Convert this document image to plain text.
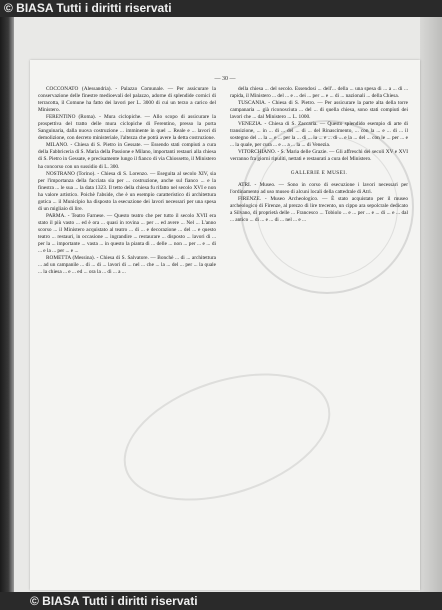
© BIASA Tutti i diritti riservati
— 30 —

COCCONATO (Alessandria). - Palazzo Comunale. — Per assicurare la conservazione delle finestre medioevali del palazzo, adorne di splendide cornici di terracotta, il Comune ha fatto dei lavori per L. 3000 di cui un terzo a carico del Ministero.

FERENTINO (Roma). - Mura ciclopiche. — Allo scopo di assicurare la prospettiva del tratto delle mura ciclopiche di Ferentino, presso la porta Sanguinaria, dalla nuova costruzione ... imminente in quel ... Reale e ... lavori di demolizione, con decreto ministeriale, l'altezza che potrà avere la detta costruzione.

MILANO. - Chiesa di S. Pietro in Gessate. — Essendo stati compiuti a cura della Fabbriceria di S. Maria della Passione e Milano, importanti restauri alla chiesa di S. Pietro in Gessate, e precisamente lungo il fianco di via Chiossetto, il Ministero ha concorso con un sussidio di L. 300.

NOSTRANO (Torino). - Chiesa di S. Lorenzo. — Eseguita al secolo XIV, sia per l'importanza della facciata sia per ... costruzione, anche sul fianco ... e la finestra ... le sua ... la data 1323. Il tetto della chiesa fu rifatto nel secolo XVI e non ha valore artistico. Poichè l'abside, che è un esempio caratteristico di architettura gotica ... il Municipio ha disposto la esecuzione dei lavori necessari per una spesa di un migliaio di lire.

PARMA. - Teatro Farnese. — Questo teatro che per tutto il secolo XVII era stato il più vasto ... ed è ora ... quasi in rovina ... per ... ed avere ... Nel ... L'anno scorso ... il Ministero acquistato al teatro ... di ... e decorazione ... del ... e questo teatro ... restauri, in occasione ... ingrandire ... restaurare ... disposto ... lavori di ... per la ... importante ... vasta ... in questo la pianta di ... delle ... non ... per ... e ... di ... e la ... per ... e ...

ROMETTA (Messina). - Chiesa di S. Salvatore. — Bonchè ... di ... architettura ... ad un campanile ... di ... di ... lavori di ... nel ... che ... la ... del ... per ... la quale ... la chiesa ... e ... ed ... ora la ... di ... a ...

della chiesa ... del secolo. Essendosi ... dell'... della ... una spesa di ... a ... di ... rapida, il Ministero ... del ... e ... dei ... per ... e ... di ... nazionali ... della Chiesa.

TUSCANIA. - Chiesa di S. Pietro. — Per assicurare la parte alta della torre campanaria ... già riconosciuta ... del ... di quella chiesa, sono stati compiuti dei lavori che ... dal Ministero ... L. 1000.

VENEZIA. - Chiesa di S. Zaccaria. — Questo splendido esempio di arte di transizione, ... in ... di ... del ... di ... del Rinascimento, ... con la ... e ... di ... il sostegno del ... la ... e ... per la ... di ... la ... e ... di ... e la ... del ... con le ... per ... e ... la quale, per cura ... e ... a ... la ... di Venezia.

VITORCHIANO. - S. Maria delle Grazie. — Gli affreschi dei secoli XV e XVI verranno fra giorni ripuliti, nettati e restaurati a cura del Ministero.

GALLERIE E MUSEI.

ATRI. - Museo. — Sono in corso di esecuzione i lavori necessari per l'ordinamento ad uso museo di alcuni locali della cattedrale di Atri.

FIRENZE. - Museo Archeologico. — È stato acquistato per il museo archeologico di Firenze, al prezzo di lire trecento, un cippo ara sepolcrale dedicato a Silvano, di proprietà delle ... Francesco ... Tobiolo ... e ... per ... e ... di ... e ... dal ... antico ... di ... e ... di ... nel ... e ...

© BIASA Tutti i diritti riservati
